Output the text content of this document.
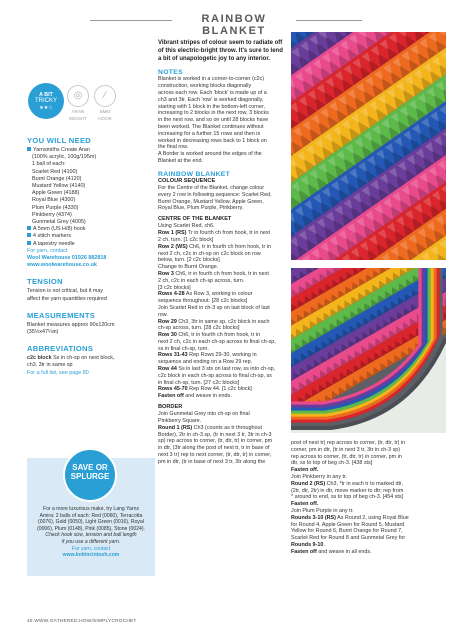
RAINBOW BLANKET
A BIT
TRICKY
★★☆
◎
ARAN
WEIGHT
∕
5MM
HOOK
YOU WILL NEED
Yarnsmiths Create Aran
(100% acrylic, 100g/195m)
1 ball of each:
Scarlet Red (4100)
Burnt Orange (4120)
Mustard Yellow (4140)
Apple Green (4188)
Royal Blue (4300)
Plum Purple (4330)
Pinkberry (4374)
Gunmetal Grey (4005)
A 5mm (US H/8) hook
4 stitch markers
A tapestry needle
For yarn, contact
Wool Warehouse 01926 882818
www.woolwarehouse.co.uk
TENSION
Tension is not critical, but it may
affect the yarn quantities required
MEASUREMENTS
Blanket measures approx 90x120cm
(35½x47¼in)
ABBREVIATIONS
c2c block Ss in ch-sp on next block,
ch3, 3tr in same sp
For a full list, see page 80
SAVE OR
SPLURGE
For a more luxurious make, try Lang Yarns
Amira: 2 balls of each: Red (0060), Terracotta
(0076), Gold (0050), Light Green (0016), Royal
(0006), Plum (0148), Pink (0085), Stone (0024).
Check hook size, tension and ball length
if you use a different yarn.
For yarn, contact
www.knitmcintosh.com
Vibrant stripes of colour seem to radiate off
of this electric-bright throw. It's sure to lend
a bit of unapologetic joy to any interior.
NOTES
Blanket is worked in a corner-to-corner (c2c)
construction, working blocks diagonally
across each row. Each 'block' is made up of a
ch3 and 3tr. Each 'row' is worked diagonally,
starting with 1 block in the bottom-left corner,
increasing to 2 blocks in the next row, 3 blocks
in the next row, and so on until 28 blocks have
been worked. The Blanket continues without
increasing for a further 15 rows and then is
worked in decreasing rows back to 1 block on
the final row.
A Border is worked around the edges of the
Blanket at the end.
RAINBOW BLANKET
COLOUR SEQUENCE
For the Centre of the Blanket, change colour
every 2 row in following sequence: Scarlet Red,
Burnt Orange, Mustard Yellow, Apple Green,
Royal Blue, Plum Purple, Pinkberry.
CENTRE OF THE BLANKET
Using Scarlet Red, ch6.
Row 1 (RS) Tr in fourth ch from hook, tr in next
2 ch, turn. [1 c2c block]
Row 2 (WS) Ch6, tr in fourth ch from hook, tr in
next 2 ch, c2c in ch-sp on c2c block on row
below, turn. [2 c2c blocks]
Change to Burnt Orange.
Row 3 Ch6, tr in fourth ch from hook, tr in next
2 ch, c2c in each ch-sp across, turn.
[3 c2c blocks]
Rows 4-28 As Row 3, working in colour
sequence throughout. [28 c2c blocks]
Join Scarlet Red in ch-3 sp on last block of last
row.
Row 29 Ch3, 3tr in same sp, c2c block in each
ch-sp across, turn. [28 c2c blocks]
Row 30 Ch6, tr in fourth ch from hook, tr in
next 2 ch, c2c in each ch-sp across to final ch-sp,
ss in final ch-sp, turn.
Rows 31-43 Rep Rows 29-30, working in
sequence and ending on a Row 29 rep.
Row 44 Ss in last 3 sts on last row, ss into ch-sp,
c2c block in each ch-sp across to final ch-sp, ss
in final ch-sp, turn. [27 c2c blocks]
Rows 45-70 Rep Row 44. [1 c2c block]
Fasten off and weave in ends.
BORDER
Join Gunmetal Grey into ch-sp on final
Pinkberry Square.
Round 1 (RS) Ch3 (counts as tr throughout
Border), 2tr in ch-3 sp, (tr in next 3 tr, 3tr in ch-3
sp) rep across to corner, (tr, dtr, tr) in corner, pm
in dtr, (3tr along the post of next tr, tr in base of
next 3 tr) rep to next corner, (tr, dtr, tr) in corner,
pm in dtr, (tr in base of next 3 tr, 3tr along the
post of next tr) rep across to corner, (tr, dtr, tr) in
corner, pm in dtr, (tr in next 3 tr, 3tr in ch-3 sp)
rep across to corner, (tr, dtr, tr) in corner, pm in
dtr, ss to top of beg ch-3. [438 sts]
Fasten off.
Join Pinkberry in any tr.
Round 2 (RS) Ch3, *tr in each tr to marked dtr,
(2tr, dtr, 2tr) in dtr, move marker to dtr; rep from
* around to end, ss to top of beg ch-3. [454 sts]
Fasten off.
Join Plum Purple in any tr.
Rounds 3-10 (RS) As Round 2, using Royal Blue
for Round 4, Apple Green for Round 5, Mustard
Yellow for Round 6, Burnt Orange for Round 7,
Scarlet Red for Round 8 and Gunmetal Grey for
Rounds 9-10.
Fasten off and weave in all ends.
46 WWW.GATHERED.HOW/SIMPLYCROCHET
